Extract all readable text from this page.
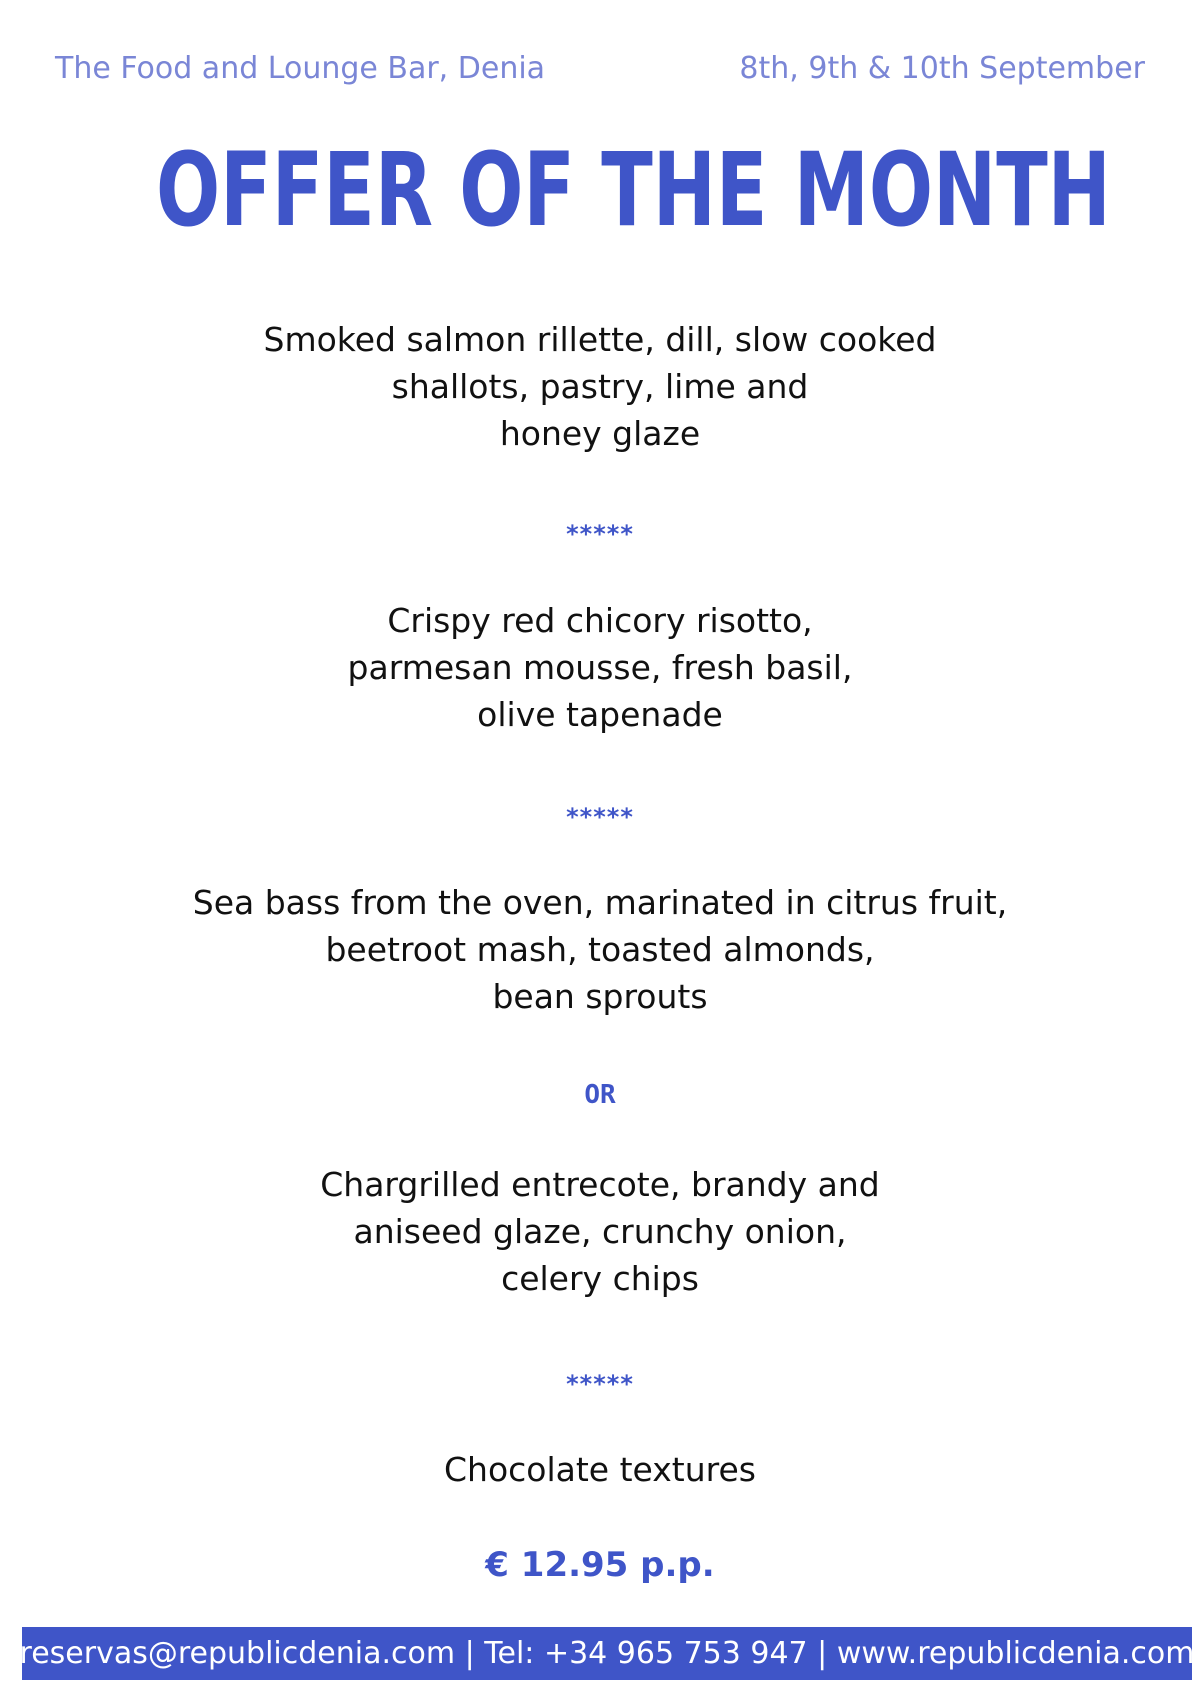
The Food and Lounge Bar, Denia	8th, 9th & 10th September
OFFER OF THE MONTH
Smoked salmon rillette, dill, slow cooked
shallots, pastry, lime and
honey glaze
*****
Crispy red chicory risotto,
parmesan mousse, fresh basil,
olive tapenade
*****
Sea bass from the oven, marinated in citrus fruit,
beetroot mash, toasted almonds,
bean sprouts
OR
Chargrilled entrecote, brandy and
aniseed glaze, crunchy onion,
celery chips
*****
Chocolate textures
€ 12.95 p.p.
reservas@republicdenia.com | Tel: +34 965 753 947 | www.republicdenia.com
